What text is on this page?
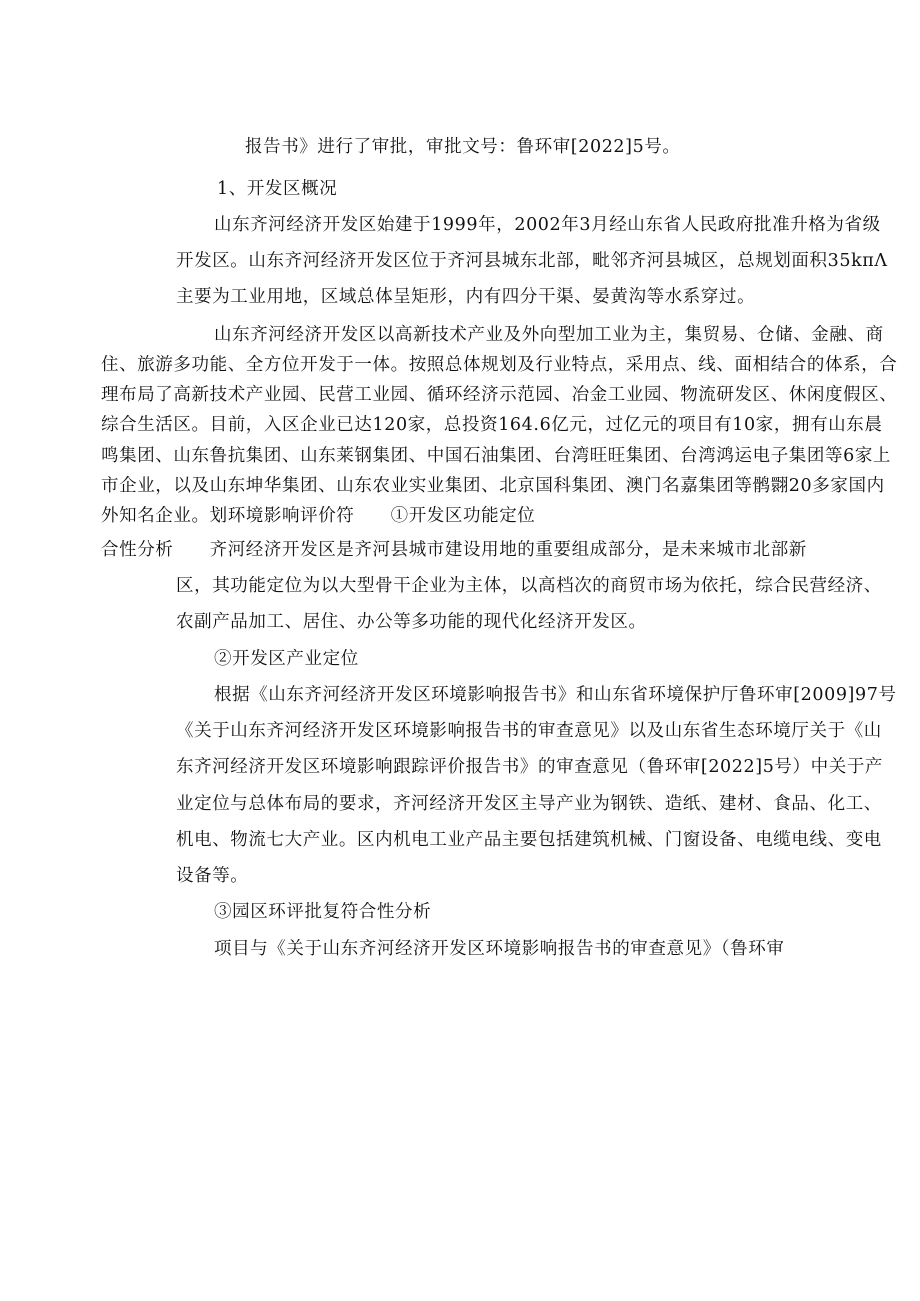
报告书》进行了审批，审批文号：鲁环审[2022]5号。
1、开发区概况
山东齐河经济开发区始建于1999年，2002年3月经山东省人民政府批准升格为省级
开发区。山东齐河经济开发区位于齐河县城东北部，毗邻齐河县城区，总规划面积35kπΛ
主要为工业用地，区域总体呈矩形，内有四分干渠、晏黄沟等水系穿过。
山东齐河经济开发区以高新技术产业及外向型加工业为主，集贸易、仓储、金融、商
住、旅游多功能、全方位开发于一体。按照总体规划及行业特点，采用点、线、面相结合的体系，合
理布局了高新技术产业园、民营工业园、循环经济示范园、冶金工业园、物流研发区、休闲度假区、
综合生活区。目前，入区企业已达120家，总投资164.6亿元，过亿元的项目有10家，拥有山东晨
鸣集团、山东鲁抗集团、山东莱钢集团、中国石油集团、台湾旺旺集团、台湾鸿运电子集团等6家上
市企业，以及山东坤华集团、山东农业实业集团、北京国科集团、澳门名嘉集团等鹘翾20多家国内
外知名企业。划环境影响评价符　　①开发区功能定位
合性分析　　齐河经济开发区是齐河县城市建设用地的重要组成部分，是未来城市北部新
区，其功能定位为以大型骨干企业为主体，以高档次的商贸市场为依托，综合民营经济、
农副产品加工、居住、办公等多功能的现代化经济开发区。
②开发区产业定位
根据《山东齐河经济开发区环境影响报告书》和山东省环境保护厅鲁环审[2009]97号
《关于山东齐河经济开发区环境影响报告书的审查意见》以及山东省生态环境厅关于《山
东齐河经济开发区环境影响跟踪评价报告书》的审查意见（鲁环审[2022]5号）中关于产
业定位与总体布局的要求，齐河经济开发区主导产业为钢铁、造纸、建材、食品、化工、
机电、物流七大产业。区内机电工业产品主要包括建筑机械、门窗设备、电缆电线、变电
设备等。
③园区环评批复符合性分析
项目与《关于山东齐河经济开发区环境影响报告书的审查意见》（鲁环审
